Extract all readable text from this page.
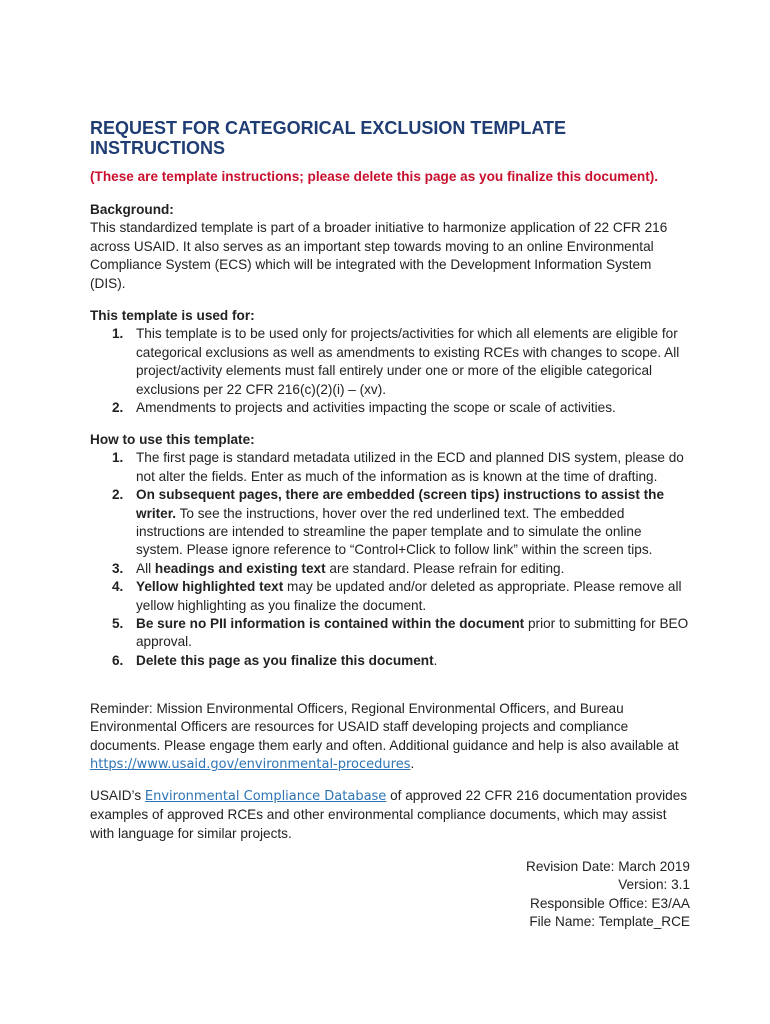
REQUEST FOR CATEGORICAL EXCLUSION TEMPLATE INSTRUCTIONS

(These are template instructions; please delete this page as you finalize this document).

Background:

This standardized template is part of a broader initiative to harmonize application of 22 CFR 216 across USAID. It also serves as an important step towards moving to an online Environmental Compliance System (ECS) which will be integrated with the Development Information System (DIS).

This template is used for:

1. This template is to be used only for projects/activities for which all elements are eligible for categorical exclusions as well as amendments to existing RCEs with changes to scope. All project/activity elements must fall entirely under one or more of the eligible categorical exclusions per 22 CFR 216(c)(2)(i) – (xv).
2. Amendments to projects and activities impacting the scope or scale of activities.

How to use this template:

1. The first page is standard metadata utilized in the ECD and planned DIS system, please do not alter the fields. Enter as much of the information as is known at the time of drafting.
2. On subsequent pages, there are embedded (screen tips) instructions to assist the writer. To see the instructions, hover over the red underlined text. The embedded instructions are intended to streamline the paper template and to simulate the online system. Please ignore reference to “Control+Click to follow link” within the screen tips.
3. All headings and existing text are standard. Please refrain for editing.
4. Yellow highlighted text may be updated and/or deleted as appropriate. Please remove all yellow highlighting as you finalize the document.
5. Be sure no PII information is contained within the document prior to submitting for BEO approval.
6. Delete this page as you finalize this document.

Reminder: Mission Environmental Officers, Regional Environmental Officers, and Bureau Environmental Officers are resources for USAID staff developing projects and compliance documents. Please engage them early and often. Additional guidance and help is also available at https://www.usaid.gov/environmental-procedures.

USAID’s Environmental Compliance Database of approved 22 CFR 216 documentation provides examples of approved RCEs and other environmental compliance documents, which may assist with language for similar projects.

Revision Date: March 2019

Version: 3.1

Responsible Office: E3/AA

File Name: Template_RCE
